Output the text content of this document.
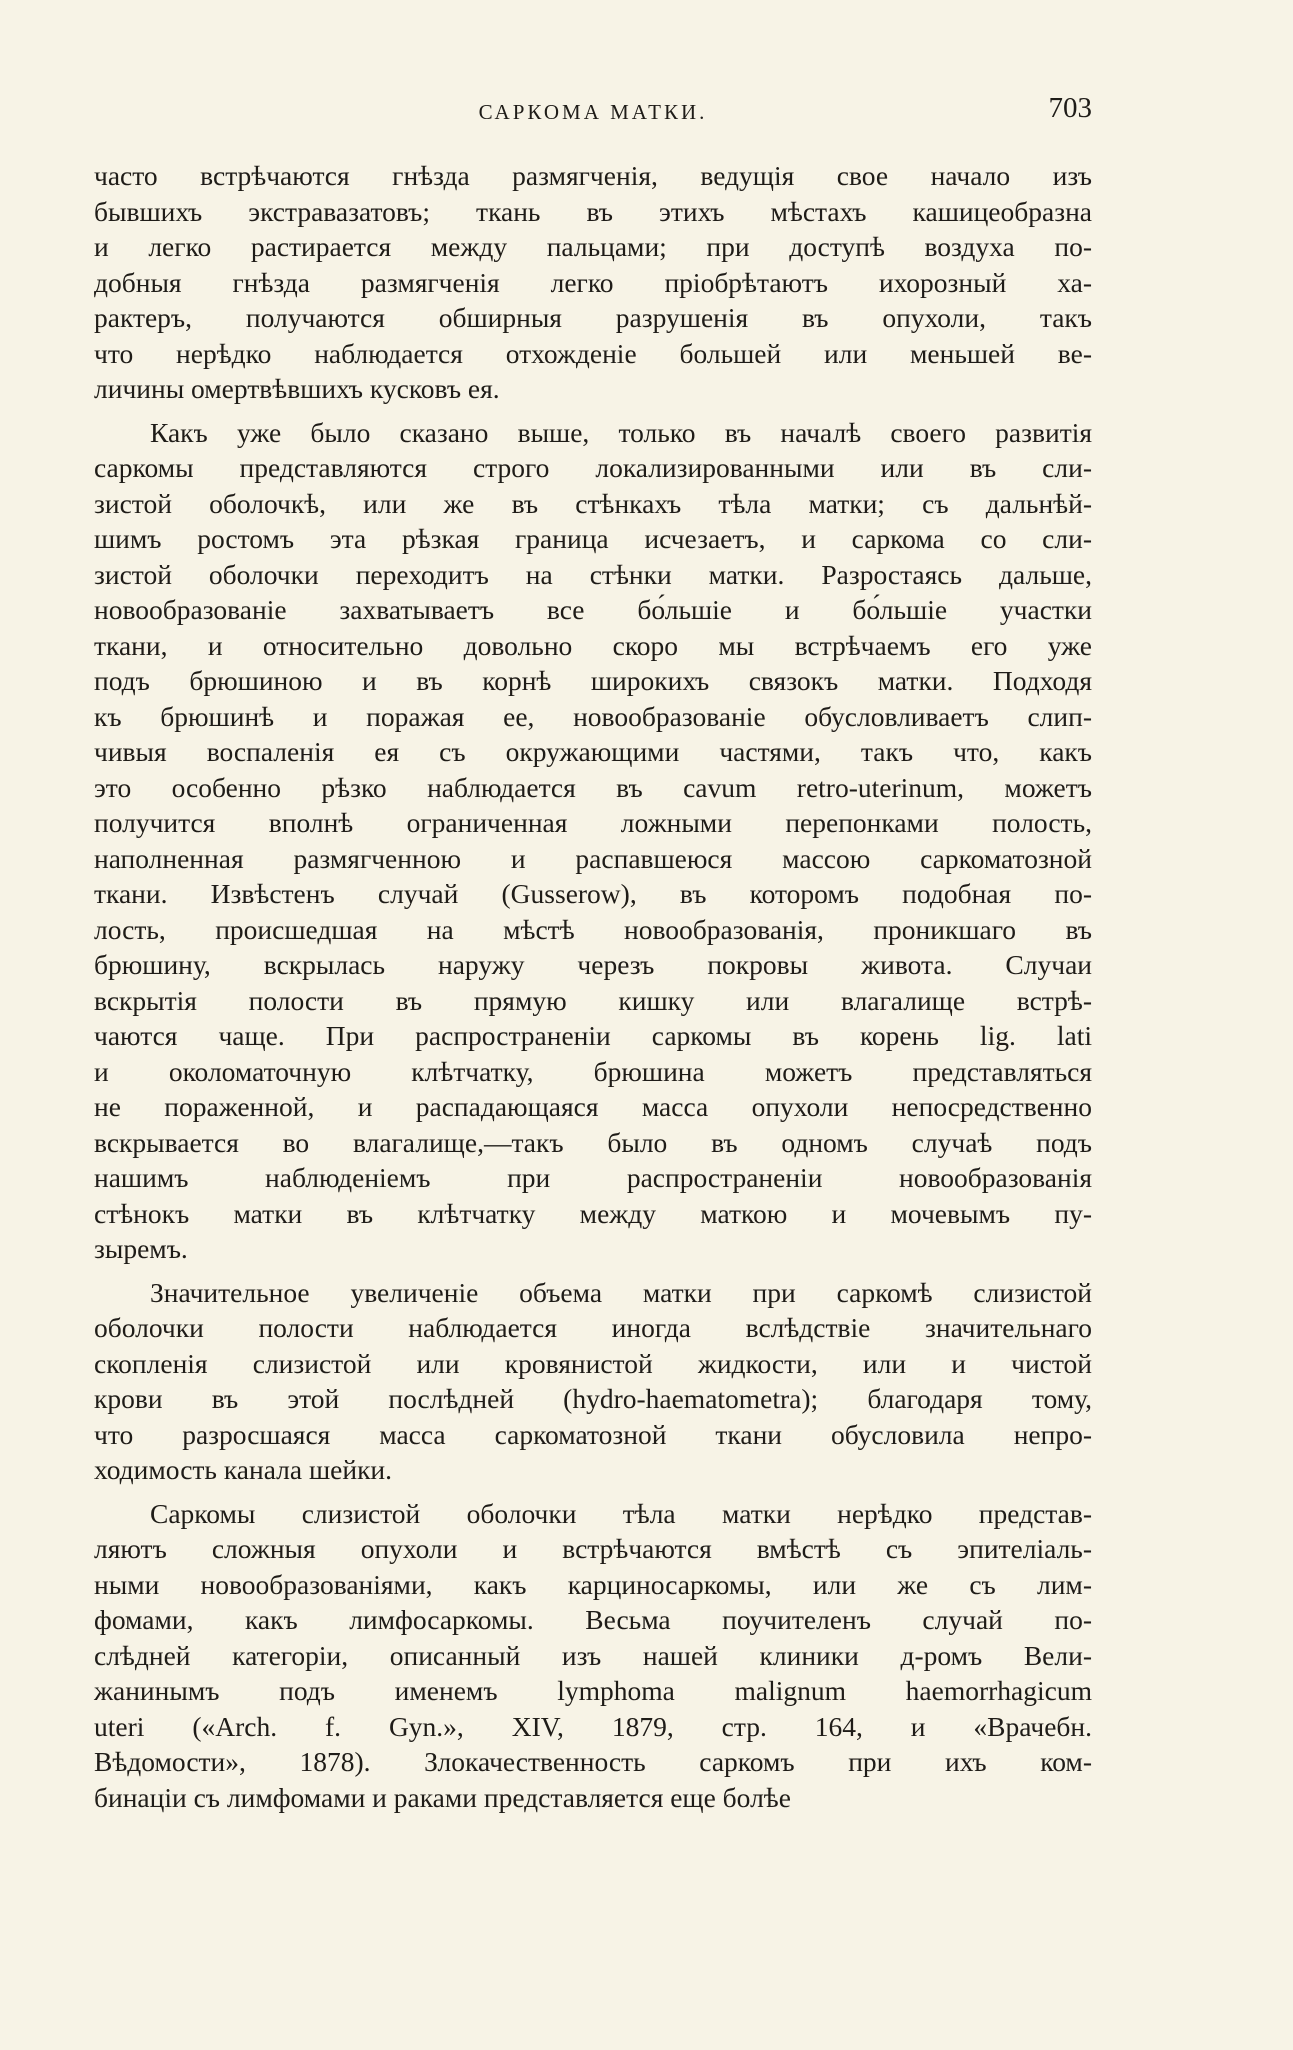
САРКОМА МАТКИ.	703
часто встрѣчаются гнѣзда размягченія, ведущія свое начало изъ
бывшихъ экстравазатовъ; ткань въ этихъ мѣстахъ кашицеобразна
и легко растирается между пальцами; при доступѣ воздуха по-
добныя гнѣзда размягченія легко пріобрѣтаютъ ихорозный ха-
рактеръ, получаются обширныя разрушенія въ опухоли, такъ
что нерѣдко наблюдается отхожденіе большей или меньшей ве-
личины омертвѣвшихъ кусковъ ея.
Какъ уже было сказано выше, только въ началѣ своего развитія
саркомы представляются строго локализированными или въ сли-
зистой оболочкѣ, или же въ стѣнкахъ тѣла матки; съ дальнѣй-
шимъ ростомъ эта рѣзкая граница исчезаетъ, и саркома со сли-
зистой оболочки переходитъ на стѣнки матки. Разростаясь дальше,
новообразованіе захватываетъ все бо́льшіе и бо́льшіе участки
ткани, и относительно довольно скоро мы встрѣчаемъ его уже
подъ брюшиною и въ корнѣ широкихъ связокъ матки. Подходя
къ брюшинѣ и поражая ее, новообразованіе обусловливаетъ слип-
чивыя воспаленія ея съ окружающими частями, такъ что, какъ
это особенно рѣзко наблюдается въ cavum retro-uterinum, можетъ
получится вполнѣ ограниченная ложными перепонками полость,
наполненная размягченною и распавшеюся массою саркоматозной
ткани. Извѣстенъ случай (Gusserow), въ которомъ подобная по-
лость, происшедшая на мѣстѣ новообразованія, проникшаго въ
брюшину, вскрылась наружу черезъ покровы живота. Случаи
вскрытія полости въ прямую кишку или влагалище встрѣ-
чаются чаще. При распространеніи саркомы въ корень lig. lati
и околоматочную клѣтчатку, брюшина можетъ представляться
не пораженной, и распадающаяся масса опухоли непосредственно
вскрывается во влагалище,—такъ было въ одномъ случаѣ подъ
нашимъ наблюденіемъ при распространеніи новообразованія
стѣнокъ матки въ клѣтчатку между маткою и мочевымъ пу-
зыремъ.
Значительное увеличеніе объема матки при саркомѣ слизистой
оболочки полости наблюдается иногда вслѣдствіе значительнаго
скопленія слизистой или кровянистой жидкости, или и чистой
крови въ этой послѣдней (hydro-haematometra); благодаря тому,
что разросшаяся масса саркоматозной ткани обусловила непро-
ходимость канала шейки.
Саркомы слизистой оболочки тѣла матки нерѣдко представ-
ляютъ сложныя опухоли и встрѣчаются вмѣстѣ съ эпителіаль-
ными новообразованіями, какъ карциносаркомы, или же съ лим-
фомами, какъ лимфосаркомы. Весьма поучителенъ случай по-
слѣдней категоріи, описанный изъ нашей клиники д-ромъ Вели-
жанинымъ подъ именемъ lymphoma malignum haemorrhagicum
uteri («Arch. f. Gyn.», XIV, 1879, стр. 164, и «Врачебн.
Вѣдомости», 1878). Злокачественность саркомъ при ихъ ком-
бинаціи съ лимфомами и раками представляется еще болѣе
